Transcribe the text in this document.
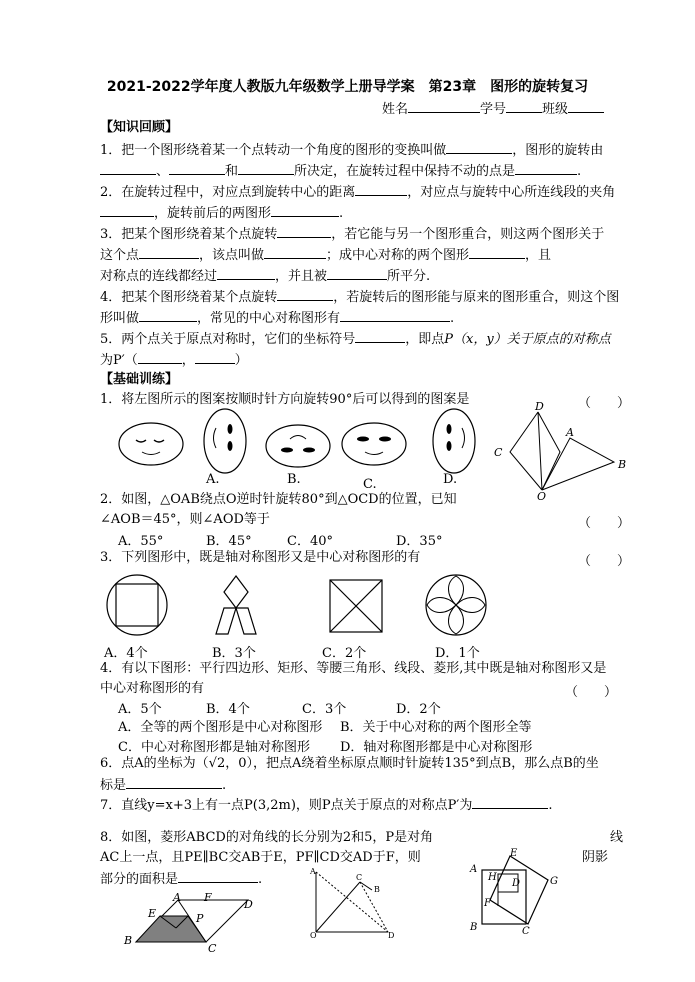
2021-2022学年度人教版九年级数学上册导学案　第23章　图形的旋转复习
姓名	学号	班级
【知识回顾】
1．把一个图形绕着某一个点转动一个角度的图形的变换叫做	，图形的旋转由
、	和	所决定，在旋转过程中保持不动的点是	.
2．在旋转过程中，对应点到旋转中心的距离	，对应点与旋转中心所连线段的夹角
，旋转前后的两图形	.
3．把某个图形绕着某个点旋转	，若它能与另一个图形重合，则这两个图形关于
这个点	，该点叫做	；成中心对称的两个图形	，且
对称点的连线都经过	，并且被	所平分.
4．把某个图形绕着某个点旋转	，若旋转后的图形能与原来的图形重合，则这个图
形叫做	，常见的中心对称图形有	.
5．两个点关于原点对称时，它们的坐标符号	，即点P（x，y）关于原点的对称点
为P′（	，	）
【基础训练】
1．将左图所示的图案按顺时针方向旋转90°后可以得到的图案是	（　　）
A.	B.	C.	D.
D
A
C
B
O
2．如图，△OAB绕点O逆时针旋转80°到△OCD的位置，已知
∠AOB＝45°，则∠AOD等于	（　　）
A．55°	B．45°	C．40°	D．35°
3．下列图形中，既是轴对称图形又是中心对称图形的有	（　　）
A．4个	B．3个	C．2个	D．1个
4．有以下图形：平行四边形、矩形、等腰三角形、线段、菱形,其中既是轴对称图形又是
中心对称图形的有	（　　）
A．5个	B．4个	C．3个	D．2个
A．全等的两个图形是中心对称图形 B．关于中心对称的两个图形全等
C．中心对称图形都是轴对称图形 D．轴对称图形都是中心对称图形
6．点A的坐标为（√2，0），把点A绕着坐标原点顺时针旋转135°到点B，那么点B的坐
标是	.
7．直线y=x+3上有一点P(3,2m)，则P点关于原点的对称点P′为	.
8．如图，菱形ABCD的对角线的长分别为2和5，P是对角	线
AC上一点，且PE∥BC交AB于E，PF∥CD交AD于F，则	阴影
部分的面积是	.
A F
E	P
D
B
C
A
C
B
O	D
A
E
H
D	G
F
B	C
